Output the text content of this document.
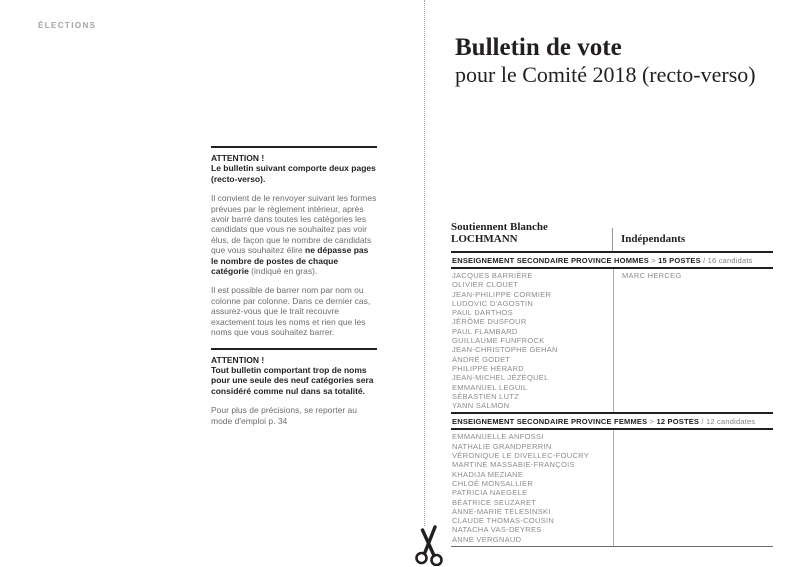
ÉLECTIONS

ATTENTION !

Le bulletin suivant comporte deux pages (recto-verso).

Il convient de le renvoyer suivant les formes prévues par le règlement intérieur, après avoir barré dans toutes les catégories les candidats que vous ne souhaitez pas voir élus, de façon que le nombre de candidats que vous souhaitez élire ne dépasse pas le nombre de postes de chaque catégorie (indiqué en gras).

Il est possible de barrer nom par nom ou colonne par colonne. Dans ce dernier cas, assurez-vous que le trait recouvre exactement tous les noms et rien que les noms que vous souhaitez barrer.

ATTENTION !

Tout bulletin comportant trop de noms pour une seule des neuf catégories sera considéré comme nul dans sa totalité.

Pour plus de précisions, se reporter au mode d'emploi p. 34

Bulletin de vote
pour le Comité 2018 (recto-verso)
Soutiennent Blanche LOCHMANN	Indépendants
ENSEIGNEMENT SECONDAIRE PROVINCE HOMMES > 15 POSTES / 16 candidats
JACQUES BARRIÈRE
OLIVIER CLOUET
JEAN-PHILIPPE CORMIER
LUDOVIC D'AGOSTIN
PAUL DARTHOS
JÉRÔME DUSFOUR
PAUL FLAMBARD
GUILLAUME FUNFROCK
JEAN-CHRISTOPHE GEHAN
ANDRÉ GODET
PHILIPPE HÉRARD
JEAN-MICHEL JÉZÉQUEL
EMMANUEL LEGUIL
SÉBASTIEN LUTZ
YANN SALMON
MARC HERCEG
ENSEIGNEMENT SECONDAIRE PROVINCE FEMMES > 12 POSTES / 12 candidates
EMMANUELLE ANFOSSI
NATHALIE GRANDPERRIN
VÉRONIQUE LE DIVELLEC-FOUCRY
MARTINE MASSABIE-FRANÇOIS
KHADIJA MEZIANE
CHLOÉ MONSALLIER
PATRICIA NAEGELE
BÉATRICE SEUZARET
ANNE-MARIE TELESINSKI
CLAUDE THOMAS-COUSIN
NATACHA VAS-DEYRES
ANNE VERGNAUD
